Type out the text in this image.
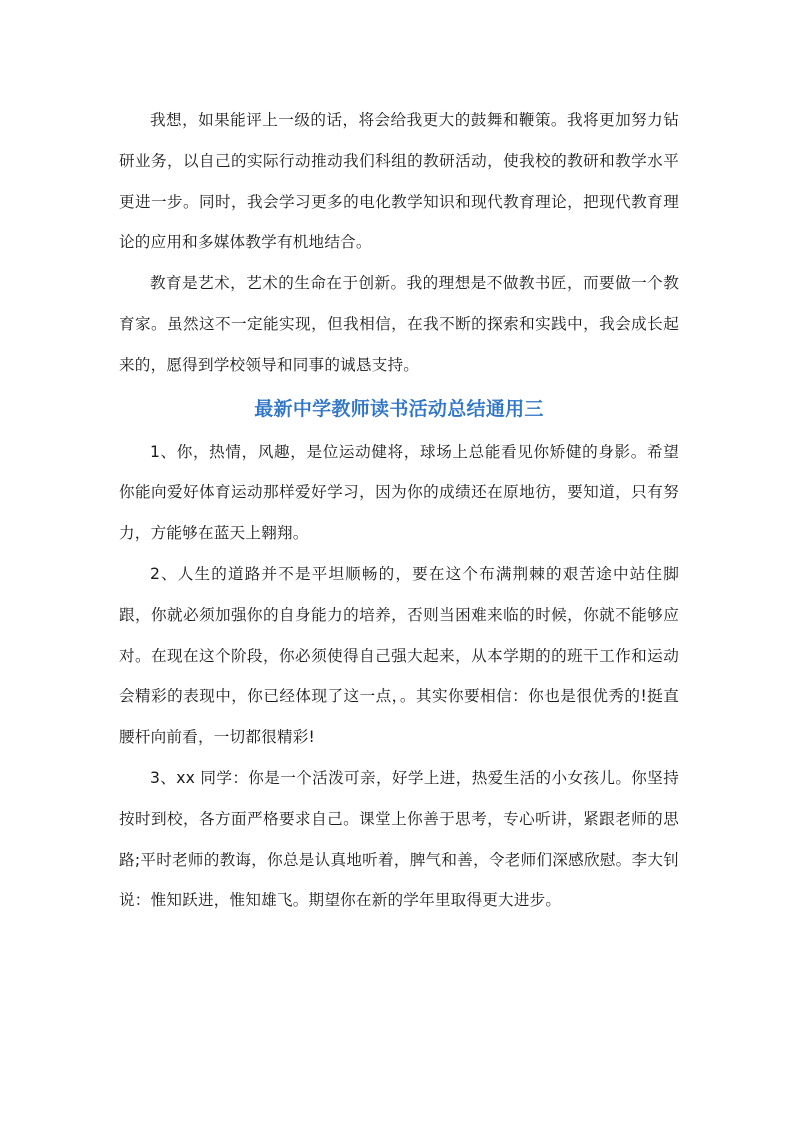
我想，如果能评上一级的话，将会给我更大的鼓舞和鞭策。我将更加努力钻研业务，以自己的实际行动推动我们科组的教研活动，使我校的教研和教学水平更进一步。同时，我会学习更多的电化教学知识和现代教育理论，把现代教育理论的应用和多媒体教学有机地结合。

教育是艺术，艺术的生命在于创新。我的理想是不做教书匠，而要做一个教育家。虽然这不一定能实现，但我相信，在我不断的探索和实践中，我会成长起来的，愿得到学校领导和同事的诚恳支持。

最新中学教师读书活动总结通用三

1、你，热情，风趣，是位运动健将，球场上总能看见你矫健的身影。希望你能向爱好体育运动那样爱好学习，因为你的成绩还在原地彷，要知道，只有努力，方能够在蓝天上翱翔。

2、人生的道路并不是平坦顺畅的，要在这个布满荆棘的艰苦途中站住脚跟，你就必须加强你的自身能力的培养，否则当困难来临的时候，你就不能够应对。在现在这个阶段，你必须使得自己强大起来，从本学期的的班干工作和运动会精彩的表现中，你已经体现了这一点，。其实你要相信：你也是很优秀的!挺直腰杆向前看，一切都很精彩!

3、xx 同学：你是一个活泼可亲，好学上进，热爱生活的小女孩儿。你坚持按时到校，各方面严格要求自己。课堂上你善于思考，专心听讲，紧跟老师的思路;平时老师的教诲，你总是认真地听着，脾气和善，令老师们深感欣慰。李大钊说：惟知跃进，惟知雄飞。期望你在新的学年里取得更大进步。
